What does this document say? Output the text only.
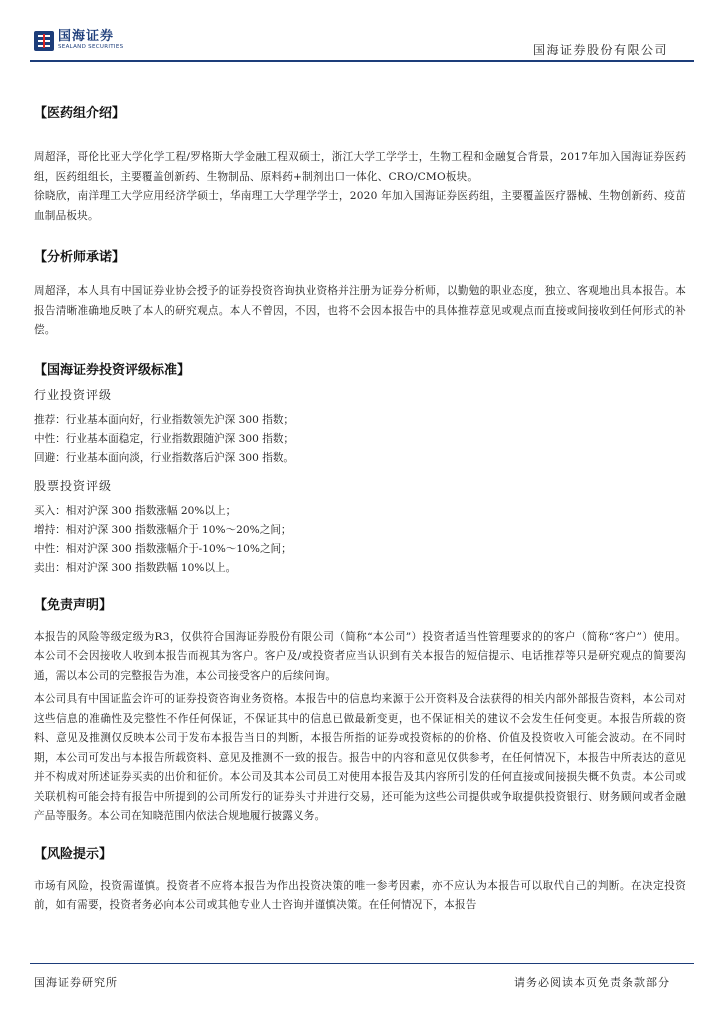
国海证券
SEALAND SECURITIES	国海证券股份有限公司
【医药组介绍】
周超泽，哥伦比亚大学化学工程/罗格斯大学金融工程双硕士，浙江大学工学学士，生物工程和金融复合背景，2017年加入国海证券医药组，医药组组长，主要覆盖创新药、生物制品、原料药+制剂出口一体化、CRO/CMO板块。
徐晓欣，南洋理工大学应用经济学硕士，华南理工大学理学学士，2020 年加入国海证券医药组，主要覆盖医疗器械、生物创新药、疫苗血制品板块。
【分析师承诺】
周超泽，本人具有中国证券业协会授予的证券投资咨询执业资格并注册为证券分析师，以勤勉的职业态度，独立、客观地出具本报告。本报告清晰准确地反映了本人的研究观点。本人不曾因，不因，也将不会因本报告中的具体推荐意见或观点而直接或间接收到任何形式的补偿。
【国海证券投资评级标准】
行业投资评级
推荐：行业基本面向好，行业指数领先沪深 300 指数；
中性：行业基本面稳定，行业指数跟随沪深 300 指数；
回避：行业基本面向淡，行业指数落后沪深 300 指数。
股票投资评级
买入：相对沪深 300 指数涨幅 20%以上；
增持：相对沪深 300 指数涨幅介于 10%～20%之间；
中性：相对沪深 300 指数涨幅介于-10%～10%之间；
卖出：相对沪深 300 指数跌幅 10%以上。
【免责声明】
本报告的风险等级定级为R3，仅供符合国海证券股份有限公司（简称“本公司”）投资者适当性管理要求的的客户（简称“客户”）使用。本公司不会因接收人收到本报告而视其为客户。客户及/或投资者应当认识到有关本报告的短信提示、电话推荐等只是研究观点的简要沟通，需以本公司的完整报告为准，本公司接受客户的后续问询。
本公司具有中国证监会许可的证券投资咨询业务资格。本报告中的信息均来源于公开资料及合法获得的相关内部外部报告资料，本公司对这些信息的准确性及完整性不作任何保证，不保证其中的信息已做最新变更，也不保证相关的建议不会发生任何变更。本报告所载的资料、意见及推测仅反映本公司于发布本报告当日的判断，本报告所指的证券或投资标的的价格、价值及投资收入可能会波动。在不同时期，本公司可发出与本报告所载资料、意见及推测不一致的报告。报告中的内容和意见仅供参考，在任何情况下，本报告中所表达的意见并不构成对所述证券买卖的出价和征价。本公司及其本公司员工对使用本报告及其内容所引发的任何直接或间接损失概不负责。本公司或关联机构可能会持有报告中所提到的公司所发行的证券头寸并进行交易，还可能为这些公司提供或争取提供投资银行、财务顾问或者金融产品等服务。本公司在知晓范围内依法合规地履行披露义务。
【风险提示】
市场有风险，投资需谨慎。投资者不应将本报告为作出投资决策的唯一参考因素，亦不应认为本报告可以取代自己的判断。在决定投资前，如有需要，投资者务必向本公司或其他专业人士咨询并谨慎决策。在任何情况下，本报告
国海证券研究所	请务必阅读本页免责条款部分
